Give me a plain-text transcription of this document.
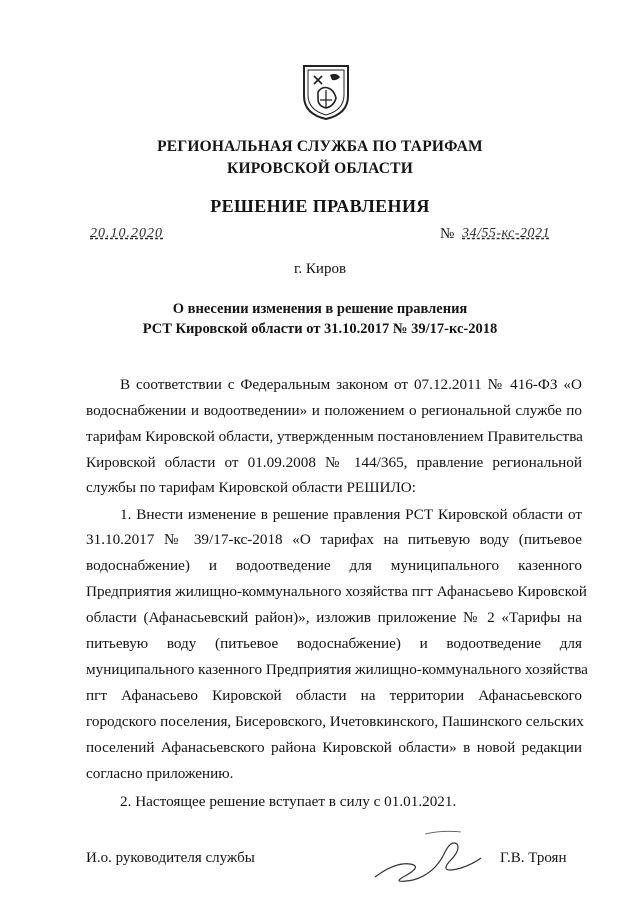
РЕГИОНАЛЬНАЯ СЛУЖБА ПО ТАРИФАМ
КИРОВСКОЙ ОБЛАСТИ
РЕШЕНИЕ ПРАВЛЕНИЯ
20.10.2020	№ 34/55-кс-2021
г. Киров
О внесении изменения в решение правления
РСТ Кировской области от 31.10.2017 № 39/17-кс-2018
В соответствии с Федеральным законом от 07.12.2011 № 416-ФЗ «О
водоснабжении и водоотведении» и положением о региональной службе по
тарифам Кировской области, утвержденным постановлением Правительства
Кировской области от 01.09.2008 № 144/365, правление региональной
службы по тарифам Кировской области РЕШИЛО:
1. Внести изменение в решение правления РСТ Кировской области от
31.10.2017 № 39/17-кс-2018 «О тарифах на питьевую воду (питьевое
водоснабжение) и водоотведение для муниципального казенного
Предприятия жилищно-коммунального хозяйства пгт Афанасьево Кировской
области (Афанасьевский район)», изложив приложение № 2 «Тарифы на
питьевую воду (питьевое водоснабжение) и водоотведение для
муниципального казенного Предприятия жилищно-коммунального хозяйства
пгт Афанасьево Кировской области на территории Афанасьевского
городского поселения, Бисеровского, Ичетовкинского, Пашинского сельских
поселений Афанасьевского района Кировской области» в новой редакции
согласно приложению.
2. Настоящее решение вступает в силу с 01.01.2021.
И.о. руководителя службы	Г.В. Троян
